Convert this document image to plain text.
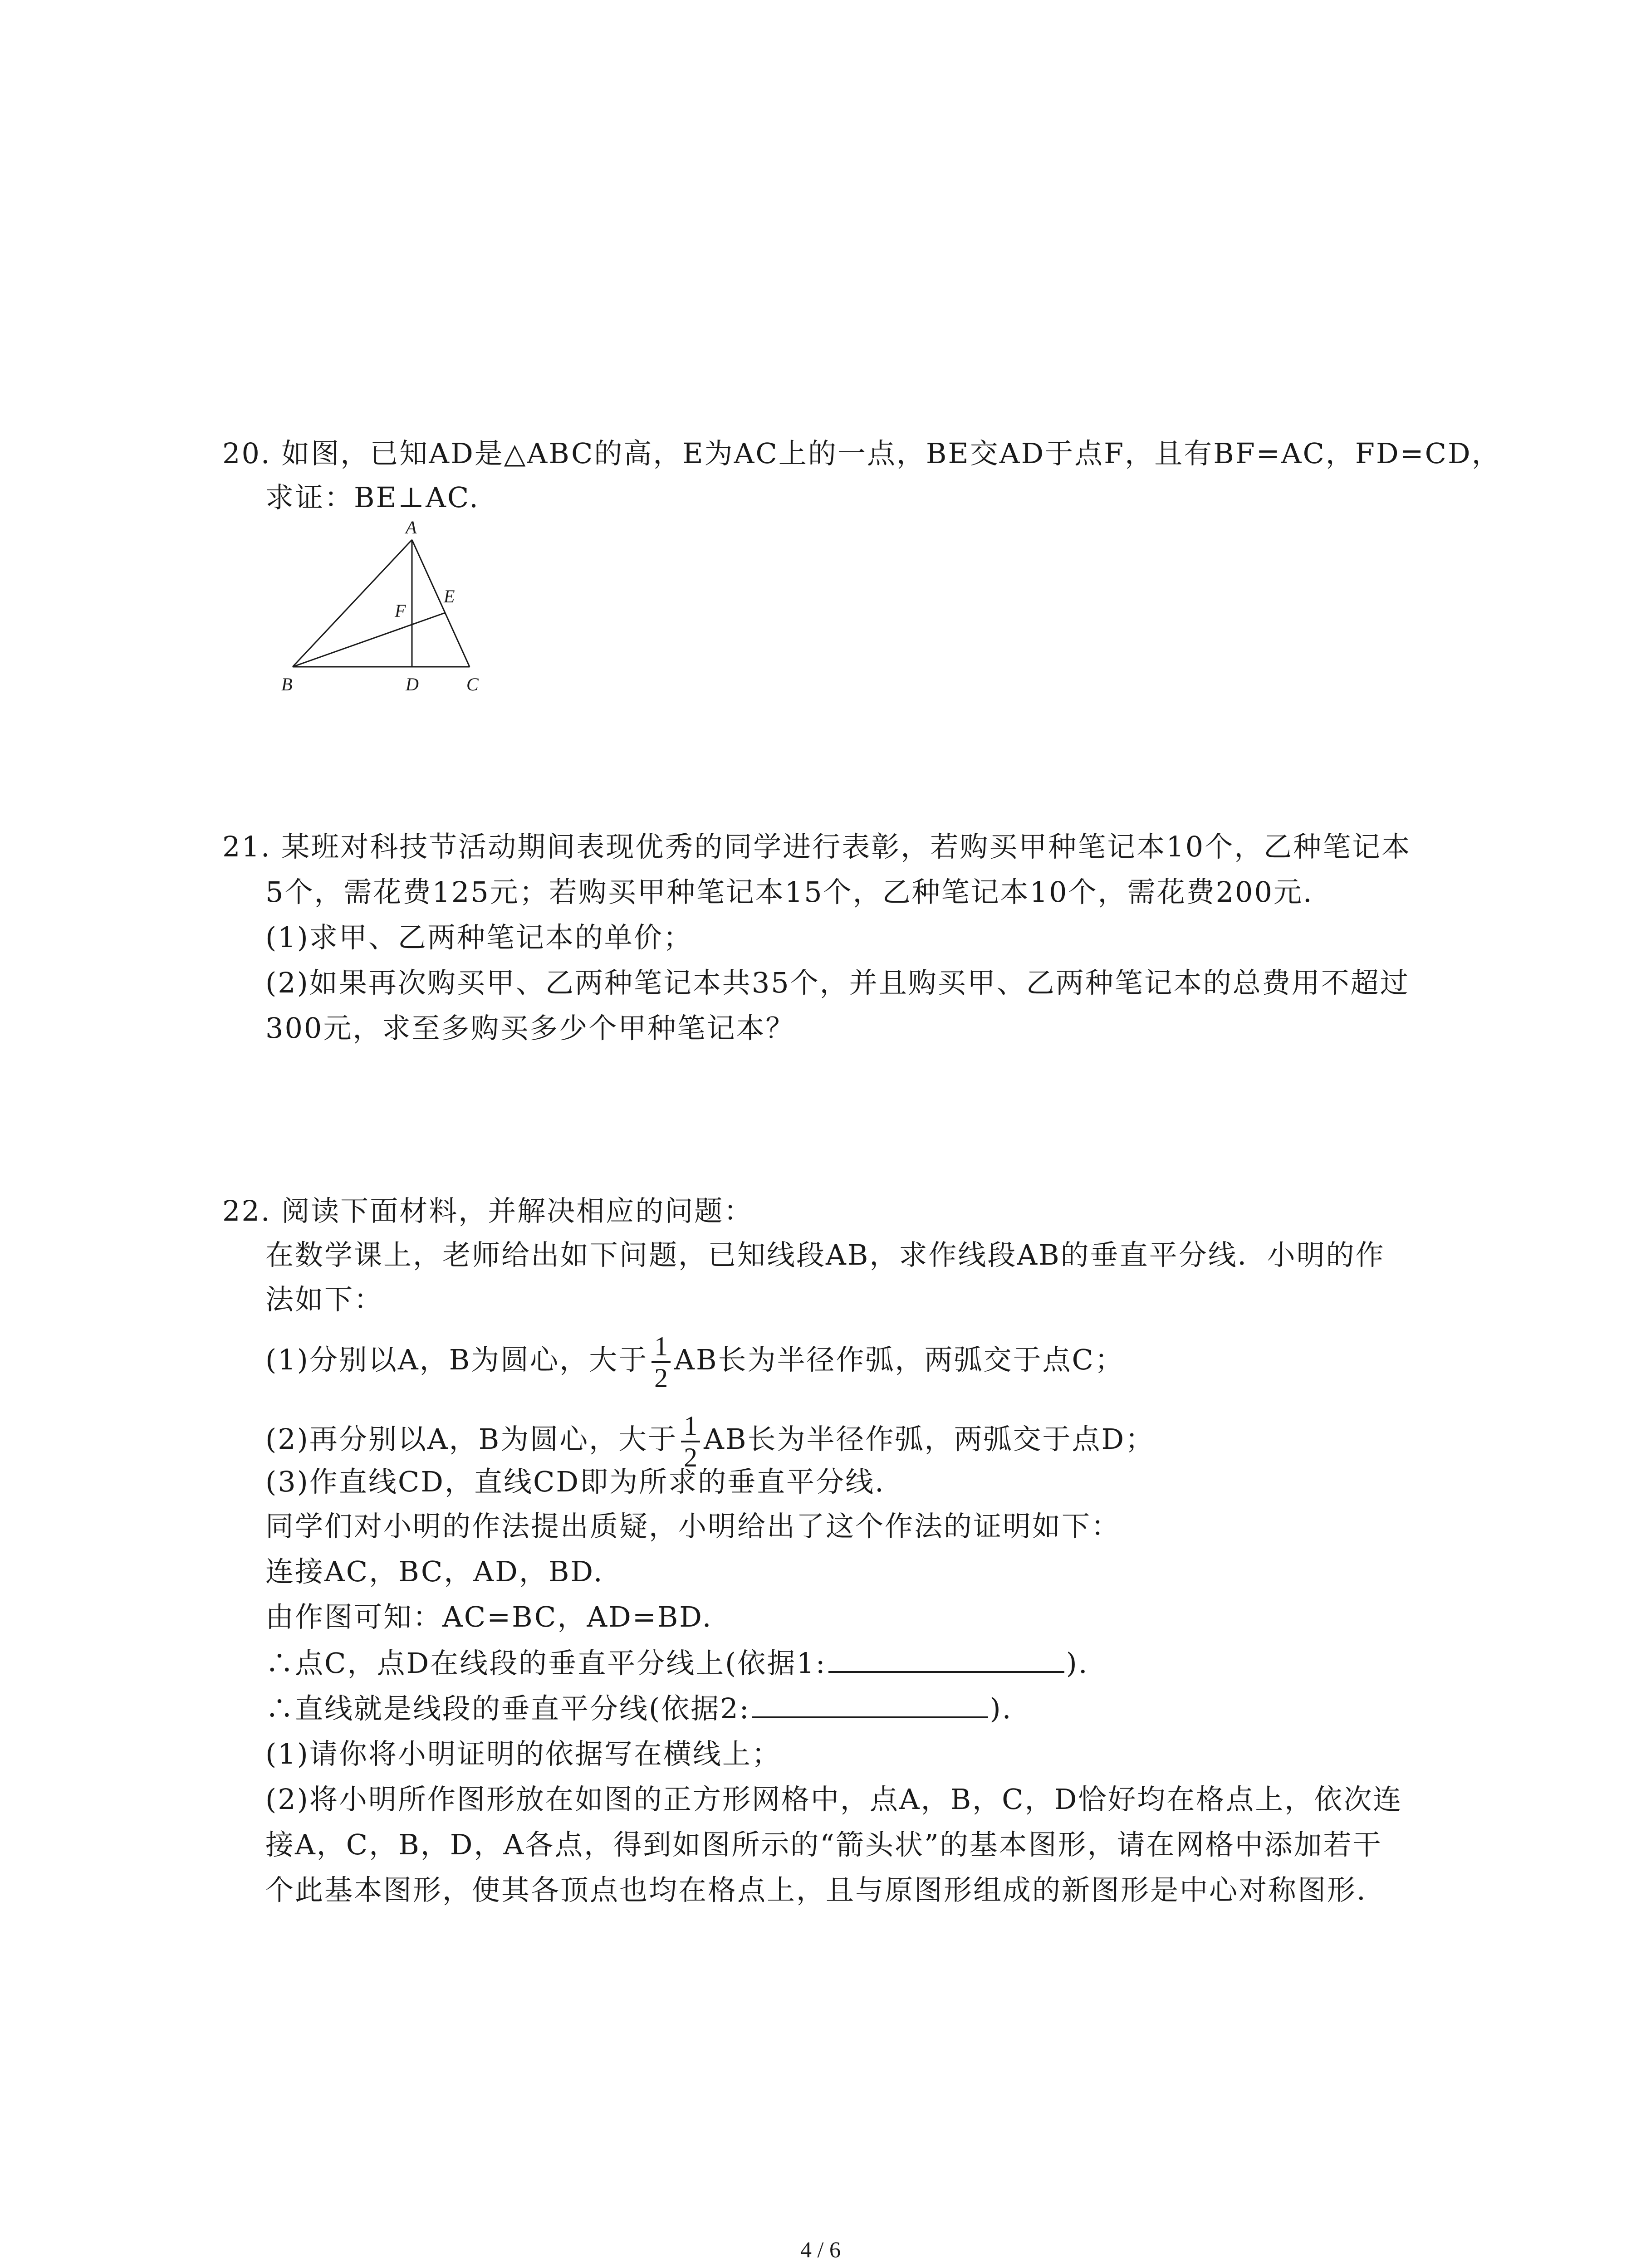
20. 如图，已知AD是△ABC的高，E为AC上的一点，BE交AD于点F，且有BF=AC，FD=CD，
求证：BE⊥AC.
A
B	C
D
E
F
21. 某班对科技节活动期间表现优秀的同学进行表彰，若购买甲种笔记本10个，乙种笔记本
5个，需花费125元；若购买甲种笔记本15个，乙种笔记本10个，需花费200元.
(1)求甲、乙两种笔记本的单价；
(2)如果再次购买甲、乙两种笔记本共35个，并且购买甲、乙两种笔记本的总费用不超过
300元，求至多购买多少个甲种笔记本？
22. 阅读下面材料，并解决相应的问题：
在数学课上，老师给出如下问题，已知线段AB，求作线段AB的垂直平分线．小明的作
法如下：
(1)分别以A，B为圆心，大于 $\frac{1}{2}$ AB长为半径作弧，两弧交于点C；
(2)再分别以A，B为圆心，大于 $\frac{1}{2}$ AB长为半径作弧，两弧交于点D；
(3)作直线CD，直线CD即为所求的垂直平分线.
同学们对小明的作法提出质疑，小明给出了这个作法的证明如下：
连接AC，BC，AD，BD.
由作图可知：AC=BC，AD=BD.
∴点C，点D在线段的垂直平分线上(依据1:	).
∴直线就是线段的垂直平分线(依据2:	).
(1)请你将小明证明的依据写在横线上；
(2)将小明所作图形放在如图的正方形网格中，点A，B，C，D恰好均在格点上，依次连
接A，C，B，D，A各点，得到如图所示的“箭头状”的基本图形，请在网格中添加若干
个此基本图形，使其各顶点也均在格点上，且与原图形组成的新图形是中心对称图形.
4 / 6
